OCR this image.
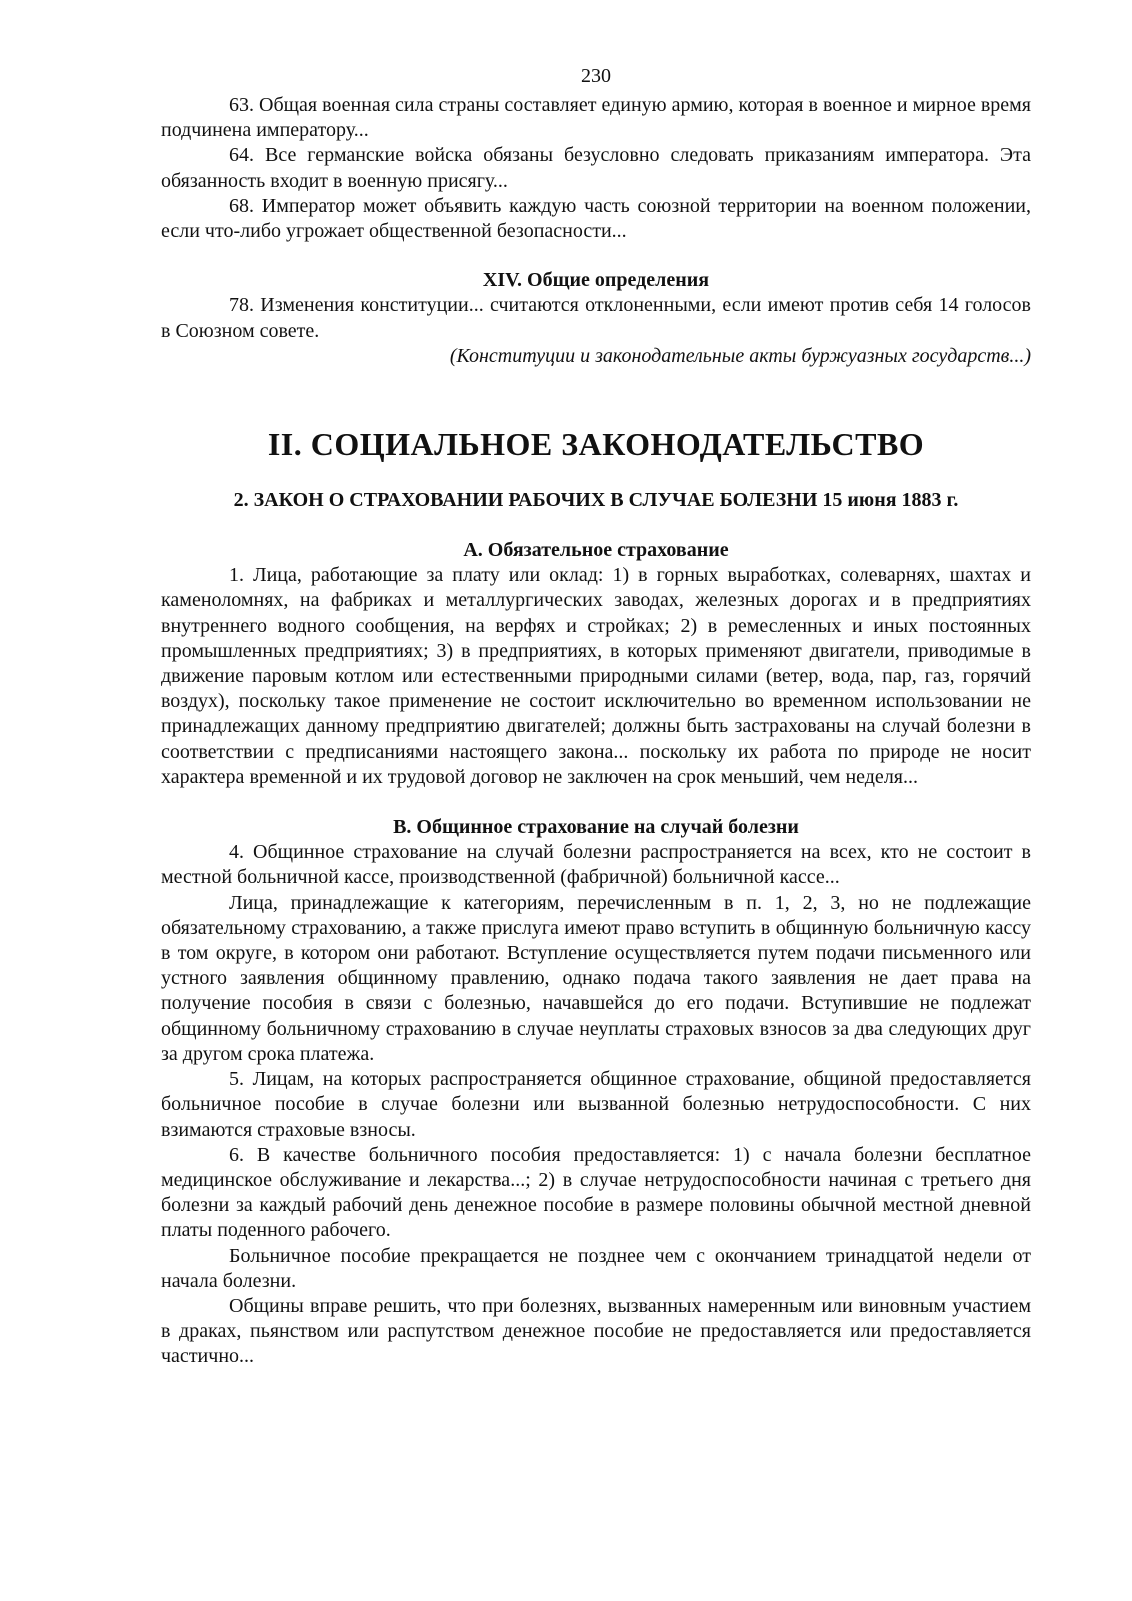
230

63. Общая военная сила страны составляет единую армию, которая в военное и мирное время подчинена императору...

64. Все германские войска обязаны безусловно следовать приказаниям императора. Эта обязанность входит в военную присягу...

68. Император может объявить каждую часть союзной территории на военном положении, если что-либо угрожает общественной безопасности...

XIV. Общие определения

78. Изменения конституции... считаются отклоненными, если имеют против себя 14 голосов в Союзном совете.

(Конституции и законодательные акты буржуазных государств...)

II. СОЦИАЛЬНОЕ ЗАКОНОДАТЕЛЬСТВО
2. ЗАКОН О СТРАХОВАНИИ РАБОЧИХ В СЛУЧАЕ БОЛЕЗНИ 15 июня 1883 г.

А. Обязательное страхование

1. Лица, работающие за плату или оклад: 1) в горных выработках, солеварнях, шахтах и каменоломнях, на фабриках и металлургических заводах, железных дорогах и в предприятиях внутреннего водного сообщения, на верфях и стройках; 2) в ремесленных и иных постоянных промышленных предприятиях; 3) в предприятиях, в которых применяют двигатели, приводимые в движение паровым котлом или естественными природными силами (ветер, вода, пар, газ, горячий воздух), поскольку такое применение не состоит исключительно во временном использовании не принадлежащих данному предприятию двигателей; должны быть застрахованы на случай болезни в соответствии с предписаниями настоящего закона... поскольку их работа по природе не носит характера временной и их трудовой договор не заключен на срок меньший, чем неделя...

B. Общинное страхование на случай болезни

4. Общинное страхование на случай болезни распространяется на всех, кто не состоит в местной больничной кассе, производственной (фабричной) больничной кассе...

Лица, принадлежащие к категориям, перечисленным в п. 1, 2, 3, но не подлежащие обязательному страхованию, а также прислуга имеют право вступить в общинную больничную кассу в том округе, в котором они работают. Вступление осуществляется путем подачи письменного или устного заявления общинному правлению, однако подача такого заявления не дает права на получение пособия в связи с болезнью, начавшейся до его подачи. Вступившие не подлежат общинному больничному страхованию в случае неуплаты страховых взносов за два следующих друг за другом срока платежа.

5. Лицам, на которых распространяется общинное страхование, общиной предоставляется больничное пособие в случае болезни или вызванной болезнью нетрудоспособности. С них взимаются страховые взносы.

6. В качестве больничного пособия предоставляется: 1) с начала болезни бесплатное медицинское обслуживание и лекарства...; 2) в случае нетрудоспособности начиная с третьего дня болезни за каждый рабочий день денежное пособие в размере половины обычной местной дневной платы поденного рабочего.

Больничное пособие прекращается не позднее чем с окончанием тринадцатой недели от начала болезни.

Общины вправе решить, что при болезнях, вызванных намеренным или виновным участием в драках, пьянством или распутством денежное пособие не предоставляется или предоставляется частично...
